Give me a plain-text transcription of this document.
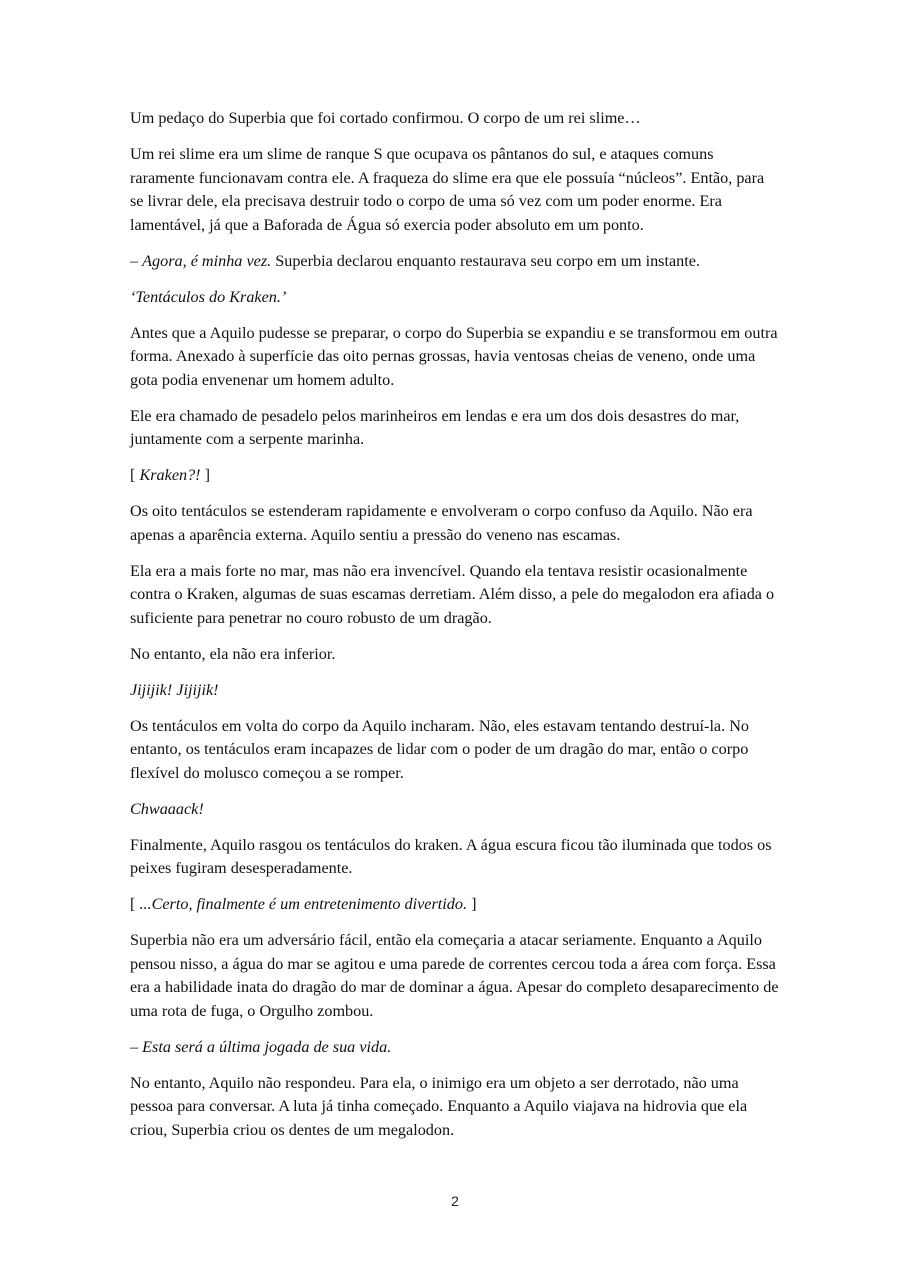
Um pedaço do Superbia que foi cortado confirmou. O corpo de um rei slime…

Um rei slime era um slime de ranque S que ocupava os pântanos do sul, e ataques comuns raramente funcionavam contra ele. A fraqueza do slime era que ele possuía “núcleos”. Então, para se livrar dele, ela precisava destruir todo o corpo de uma só vez com um poder enorme. Era lamentável, já que a Baforada de Água só exercia poder absoluto em um ponto.

– Agora, é minha vez. Superbia declarou enquanto restaurava seu corpo em um instante.

‘Tentáculos do Kraken.’

Antes que a Aquilo pudesse se preparar, o corpo do Superbia se expandiu e se transformou em outra forma. Anexado à superfície das oito pernas grossas, havia ventosas cheias de veneno, onde uma gota podia envenenar um homem adulto.

Ele era chamado de pesadelo pelos marinheiros em lendas e era um dos dois desastres do mar, juntamente com a serpente marinha.

[ Kraken?! ]

Os oito tentáculos se estenderam rapidamente e envolveram o corpo confuso da Aquilo. Não era apenas a aparência externa. Aquilo sentiu a pressão do veneno nas escamas.

Ela era a mais forte no mar, mas não era invencível. Quando ela tentava resistir ocasionalmente contra o Kraken, algumas de suas escamas derretiam. Além disso, a pele do megalodon era afiada o suficiente para penetrar no couro robusto de um dragão.

No entanto, ela não era inferior.

Jijijik! Jijijik!

Os tentáculos em volta do corpo da Aquilo incharam. Não, eles estavam tentando destruí-la. No entanto, os tentáculos eram incapazes de lidar com o poder de um dragão do mar, então o corpo flexível do molusco começou a se romper.

Chwaaack!

Finalmente, Aquilo rasgou os tentáculos do kraken. A água escura ficou tão iluminada que todos os peixes fugiram desesperadamente.

[ ...Certo, finalmente é um entretenimento divertido. ]

Superbia não era um adversário fácil, então ela começaria a atacar seriamente. Enquanto a Aquilo pensou nisso, a água do mar se agitou e uma parede de correntes cercou toda a área com força. Essa era a habilidade inata do dragão do mar de dominar a água. Apesar do completo desaparecimento de uma rota de fuga, o Orgulho zombou.

– Esta será a última jogada de sua vida.

No entanto, Aquilo não respondeu. Para ela, o inimigo era um objeto a ser derrotado, não uma pessoa para conversar. A luta já tinha começado. Enquanto a Aquilo viajava na hidrovia que ela criou, Superbia criou os dentes de um megalodon.

2
